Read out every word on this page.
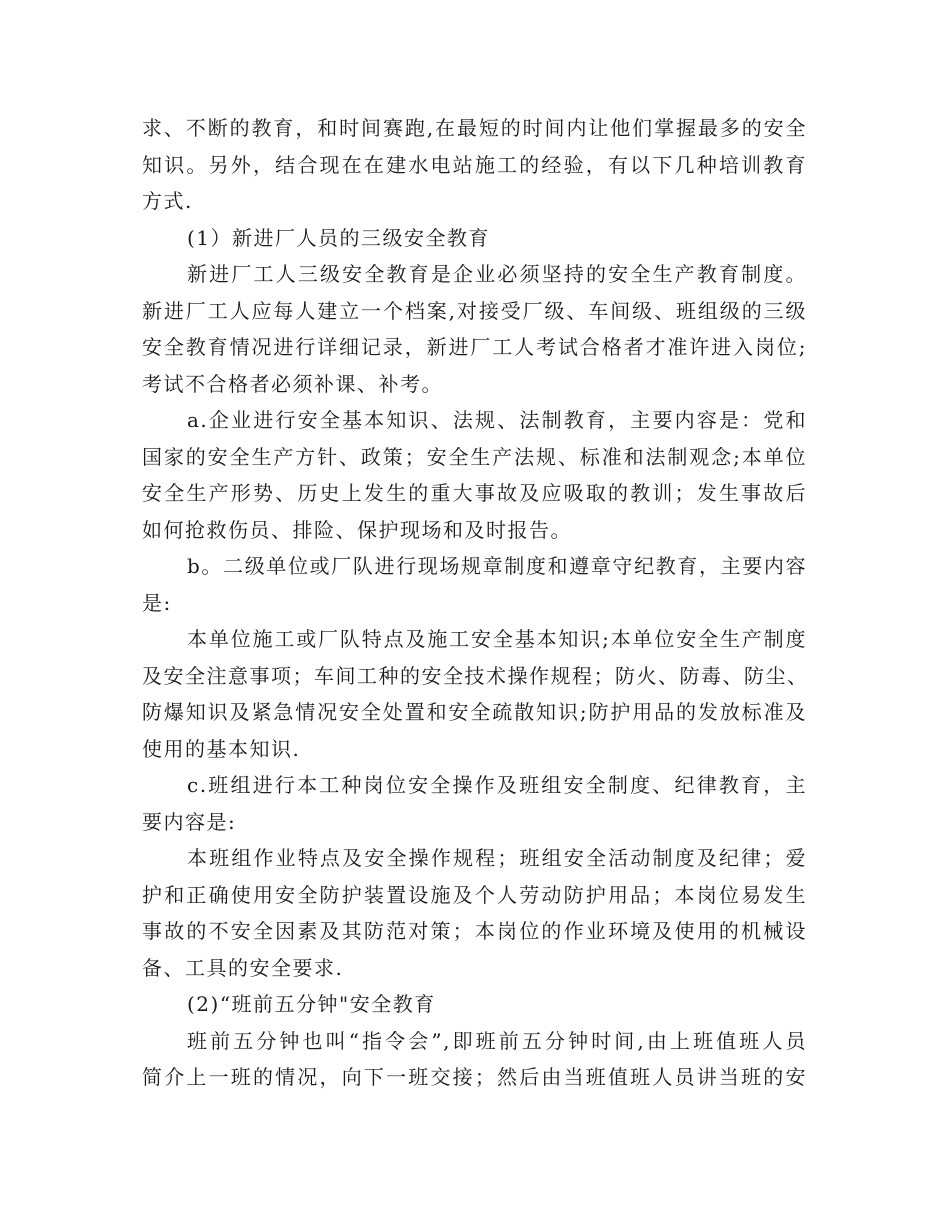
求、不断的教育，和时间赛跑,在最短的时间内让他们掌握最多的安全
知识。另外，结合现在在建水电站施工的经验，有以下几种培训教育
方式.
(1）新进厂人员的三级安全教育
新进厂工人三级安全教育是企业必须坚持的安全生产教育制度。
新进厂工人应每人建立一个档案,对接受厂级、车间级、班组级的三级
安全教育情况进行详细记录，新进厂工人考试合格者才准许进入岗位;
考试不合格者必须补课、补考。
a.企业进行安全基本知识、法规、法制教育，主要内容是：党和
国家的安全生产方针、政策；安全生产法规、标准和法制观念;本单位
安全生产形势、历史上发生的重大事故及应吸取的教训；发生事故后
如何抢救伤员、排险、保护现场和及时报告。
b。二级单位或厂队进行现场规章制度和遵章守纪教育，主要内容
是:
本单位施工或厂队特点及施工安全基本知识;本单位安全生产制度
及安全注意事项；车间工种的安全技术操作规程；防火、防毒、防尘、
防爆知识及紧急情况安全处置和安全疏散知识;防护用品的发放标准及
使用的基本知识.
c.班组进行本工种岗位安全操作及班组安全制度、纪律教育，主
要内容是:
本班组作业特点及安全操作规程；班组安全活动制度及纪律；爱
护和正确使用安全防护装置设施及个人劳动防护用品；本岗位易发生
事故的不安全因素及其防范对策；本岗位的作业环境及使用的机械设
备、工具的安全要求.
(2)“班前五分钟"安全教育
班前五分钟也叫“指令会”,即班前五分钟时间,由上班值班人员
简介上一班的情况，向下一班交接；然后由当班值班人员讲当班的安
